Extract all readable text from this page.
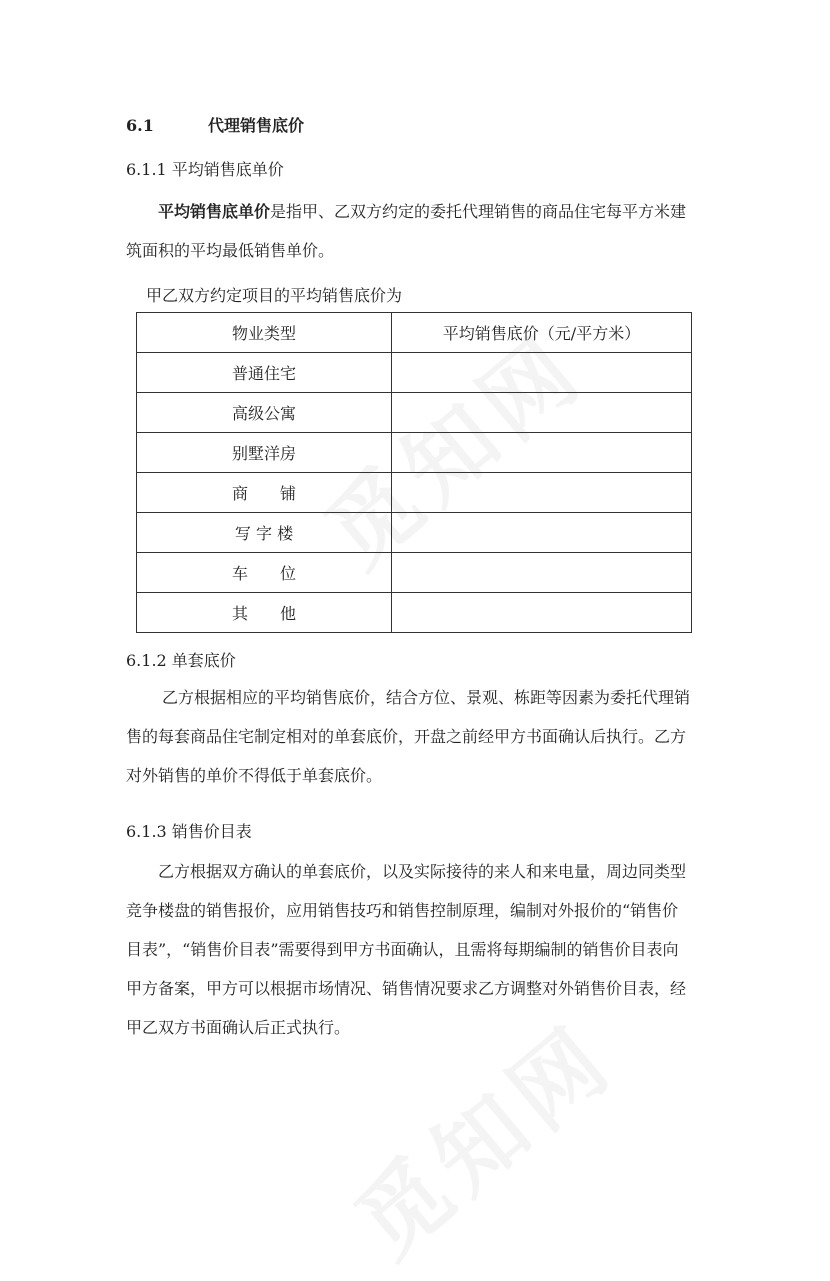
6.1	代理销售底价
6.1.1 平均销售底单价
平均销售底单价是指甲、乙双方约定的委托代理销售的商品住宅每平方米建筑面积的平均最低销售单价。
甲乙双方约定项目的平均销售底价为
物业类型	平均销售底价（元/平方米）
普通住宅	
高级公寓	
别墅洋房	
商　　铺	
写 字 楼	
车　　位	
其　　他	
6.1.2 单套底价
乙方根据相应的平均销售底价，结合方位、景观、栋距等因素为委托代理销售的每套商品住宅制定相对的单套底价，开盘之前经甲方书面确认后执行。乙方对外销售的单价不得低于单套底价。
6.1.3 销售价目表
乙方根据双方确认的单套底价，以及实际接待的来人和来电量，周边同类型竞争楼盘的销售报价，应用销售技巧和销售控制原理，编制对外报价的“销售价目表”，“销售价目表”需要得到甲方书面确认，且需将每期编制的销售价目表向甲方备案，甲方可以根据市场情况、销售情况要求乙方调整对外销售价目表，经甲乙双方书面确认后正式执行。
